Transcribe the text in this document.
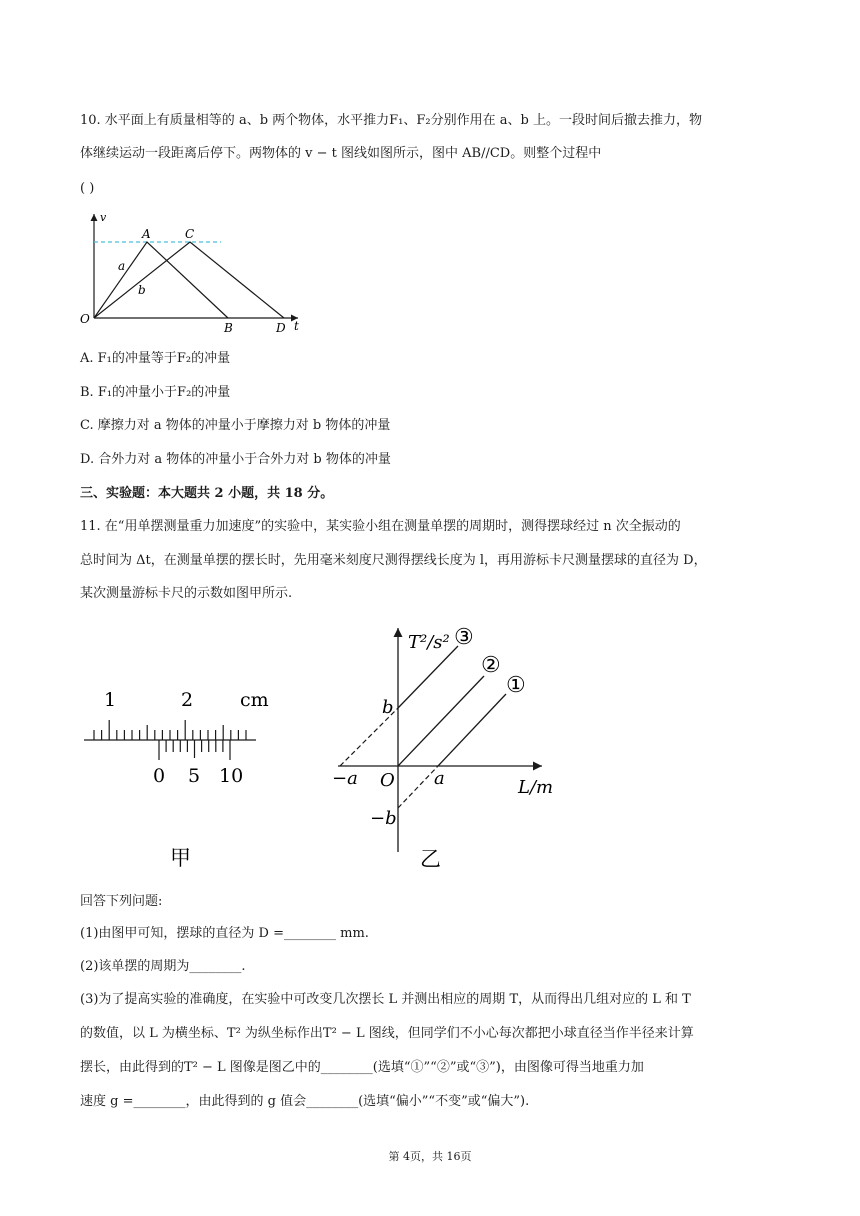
10. 水平面上有质量相等的 a、b 两个物体，水平推力F₁、F₂分别作用在 a、b 上。一段时间后撤去推力，物

体继续运动一段距离后停下。两物体的 v − t 图线如图所示，图中 AB//CD。则整个过程中

( )

v
t
O
A	C
B	D
a
b

A. F₁的冲量等于F₂的冲量

B. F₁的冲量小于F₂的冲量

C. 摩擦力对 a 物体的冲量小于摩擦力对 b 物体的冲量

D. 合外力对 a 物体的冲量小于合外力对 b 物体的冲量

三、实验题：本大题共 2 小题，共 18 分。

11. 在“用单摆测量重力加速度”的实验中，某实验小组在测量单摆的周期时，测得摆球经过 n 次全振动的

总时间为 Δt，在测量单摆的摆长时，先用毫米刻度尺测得摆线长度为 l，再用游标卡尺测量摆球的直径为 D，

某次测量游标卡尺的示数如图甲所示.

1	2 cm
0 5 10
甲
T²/s²
L/m
O
b
−b
a
−a
③
②
①
乙

回答下列问题:

(1)由图甲可知，摆球的直径为 D =________ mm.

(2)该单摆的周期为________.

(3)为了提高实验的准确度，在实验中可改变几次摆长 L 并测出相应的周期 T，从而得出几组对应的 L 和 T

的数值，以 L 为横坐标、T² 为纵坐标作出T² − L 图线，但同学们不小心每次都把小球直径当作半径来计算

摆长，由此得到的T² − L 图像是图乙中的________(选填“①”“②”或“③”)，由图像可得当地重力加

速度 g =________，由此得到的 g 值会________(选填“偏小”“不变”或“偏大”).

第 4页，共 16页
